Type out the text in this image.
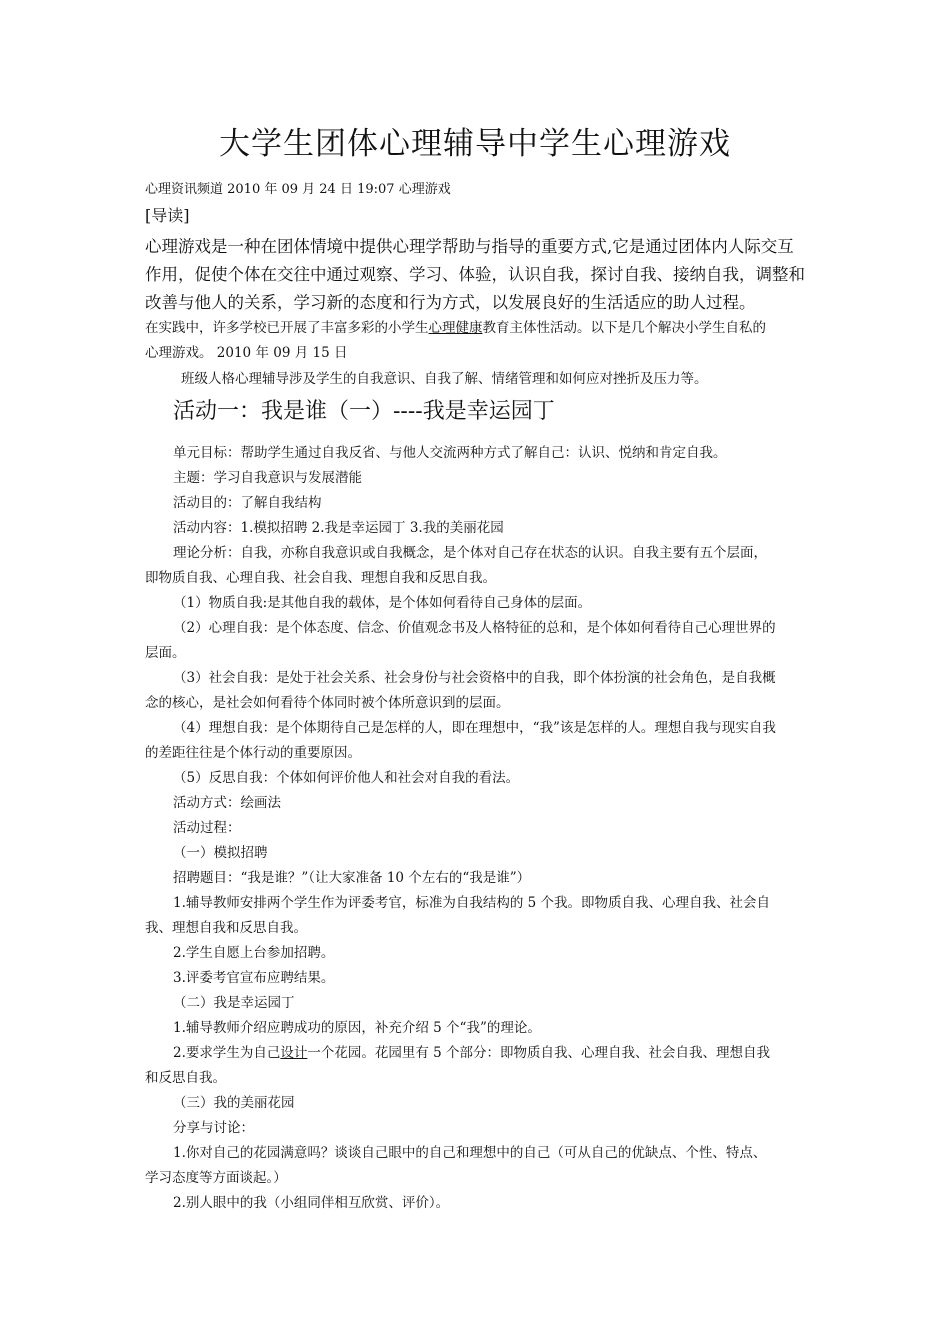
大学生团体心理辅导中学生心理游戏
心理资讯频道 2010 年 09 月 24 日 19:07 心理游戏
[导读]
心理游戏是一种在团体情境中提供心理学帮助与指导的重要方式,它是通过团体内人际交互
作用，促使个体在交往中通过观察、学习、体验，认识自我，探讨自我、接纳自我，调整和
改善与他人的关系，学习新的态度和行为方式，以发展良好的生活适应的助人过程。
在实践中，许多学校已开展了丰富多彩的小学生心理健康教育主体性活动。以下是几个解决小学生自私的
心理游戏。 2010 年 09 月 15 日
班级人格心理辅导涉及学生的自我意识、自我了解、情绪管理和如何应对挫折及压力等。
活动一：我是谁（一）----我是幸运园丁
单元目标：帮助学生通过自我反省、与他人交流两种方式了解自己：认识、悦纳和肯定自我。
主题：学习自我意识与发展潜能
活动目的：了解自我结构
活动内容：1.模拟招聘 2.我是幸运园丁 3.我的美丽花园
理论分析：自我，亦称自我意识或自我概念，是个体对自己存在状态的认识。自我主要有五个层面，
即物质自我、心理自我、社会自我、理想自我和反思自我。
（1）物质自我:是其他自我的载体，是个体如何看待自己身体的层面。
（2）心理自我：是个体态度、信念、价值观念书及人格特征的总和，是个体如何看待自己心理世界的
层面。
（3）社会自我：是处于社会关系、社会身份与社会资格中的自我，即个体扮演的社会角色，是自我概
念的核心，是社会如何看待个体同时被个体所意识到的层面。
（4）理想自我：是个体期待自己是怎样的人，即在理想中，“我”该是怎样的人。理想自我与现实自我
的差距往往是个体行动的重要原因。
（5）反思自我：个体如何评价他人和社会对自我的看法。
活动方式：绘画法
活动过程：
（一）模拟招聘
招聘题目：“我是谁？”（让大家准备 10 个左右的“我是谁”）
1.辅导教师安排两个学生作为评委考官，标准为自我结构的 5 个我。即物质自我、心理自我、社会自
我、理想自我和反思自我。
2.学生自愿上台参加招聘。
3.评委考官宣布应聘结果。
（二）我是幸运园丁
1.辅导教师介绍应聘成功的原因，补充介绍 5 个“我”的理论。
2.要求学生为自己设计一个花园。花园里有 5 个部分：即物质自我、心理自我、社会自我、理想自我
和反思自我。
（三）我的美丽花园
分享与讨论：
1.你对自己的花园满意吗？谈谈自己眼中的自己和理想中的自己（可从自己的优缺点、个性、特点、
学习态度等方面谈起。）
2.别人眼中的我（小组同伴相互欣赏、评价）。
